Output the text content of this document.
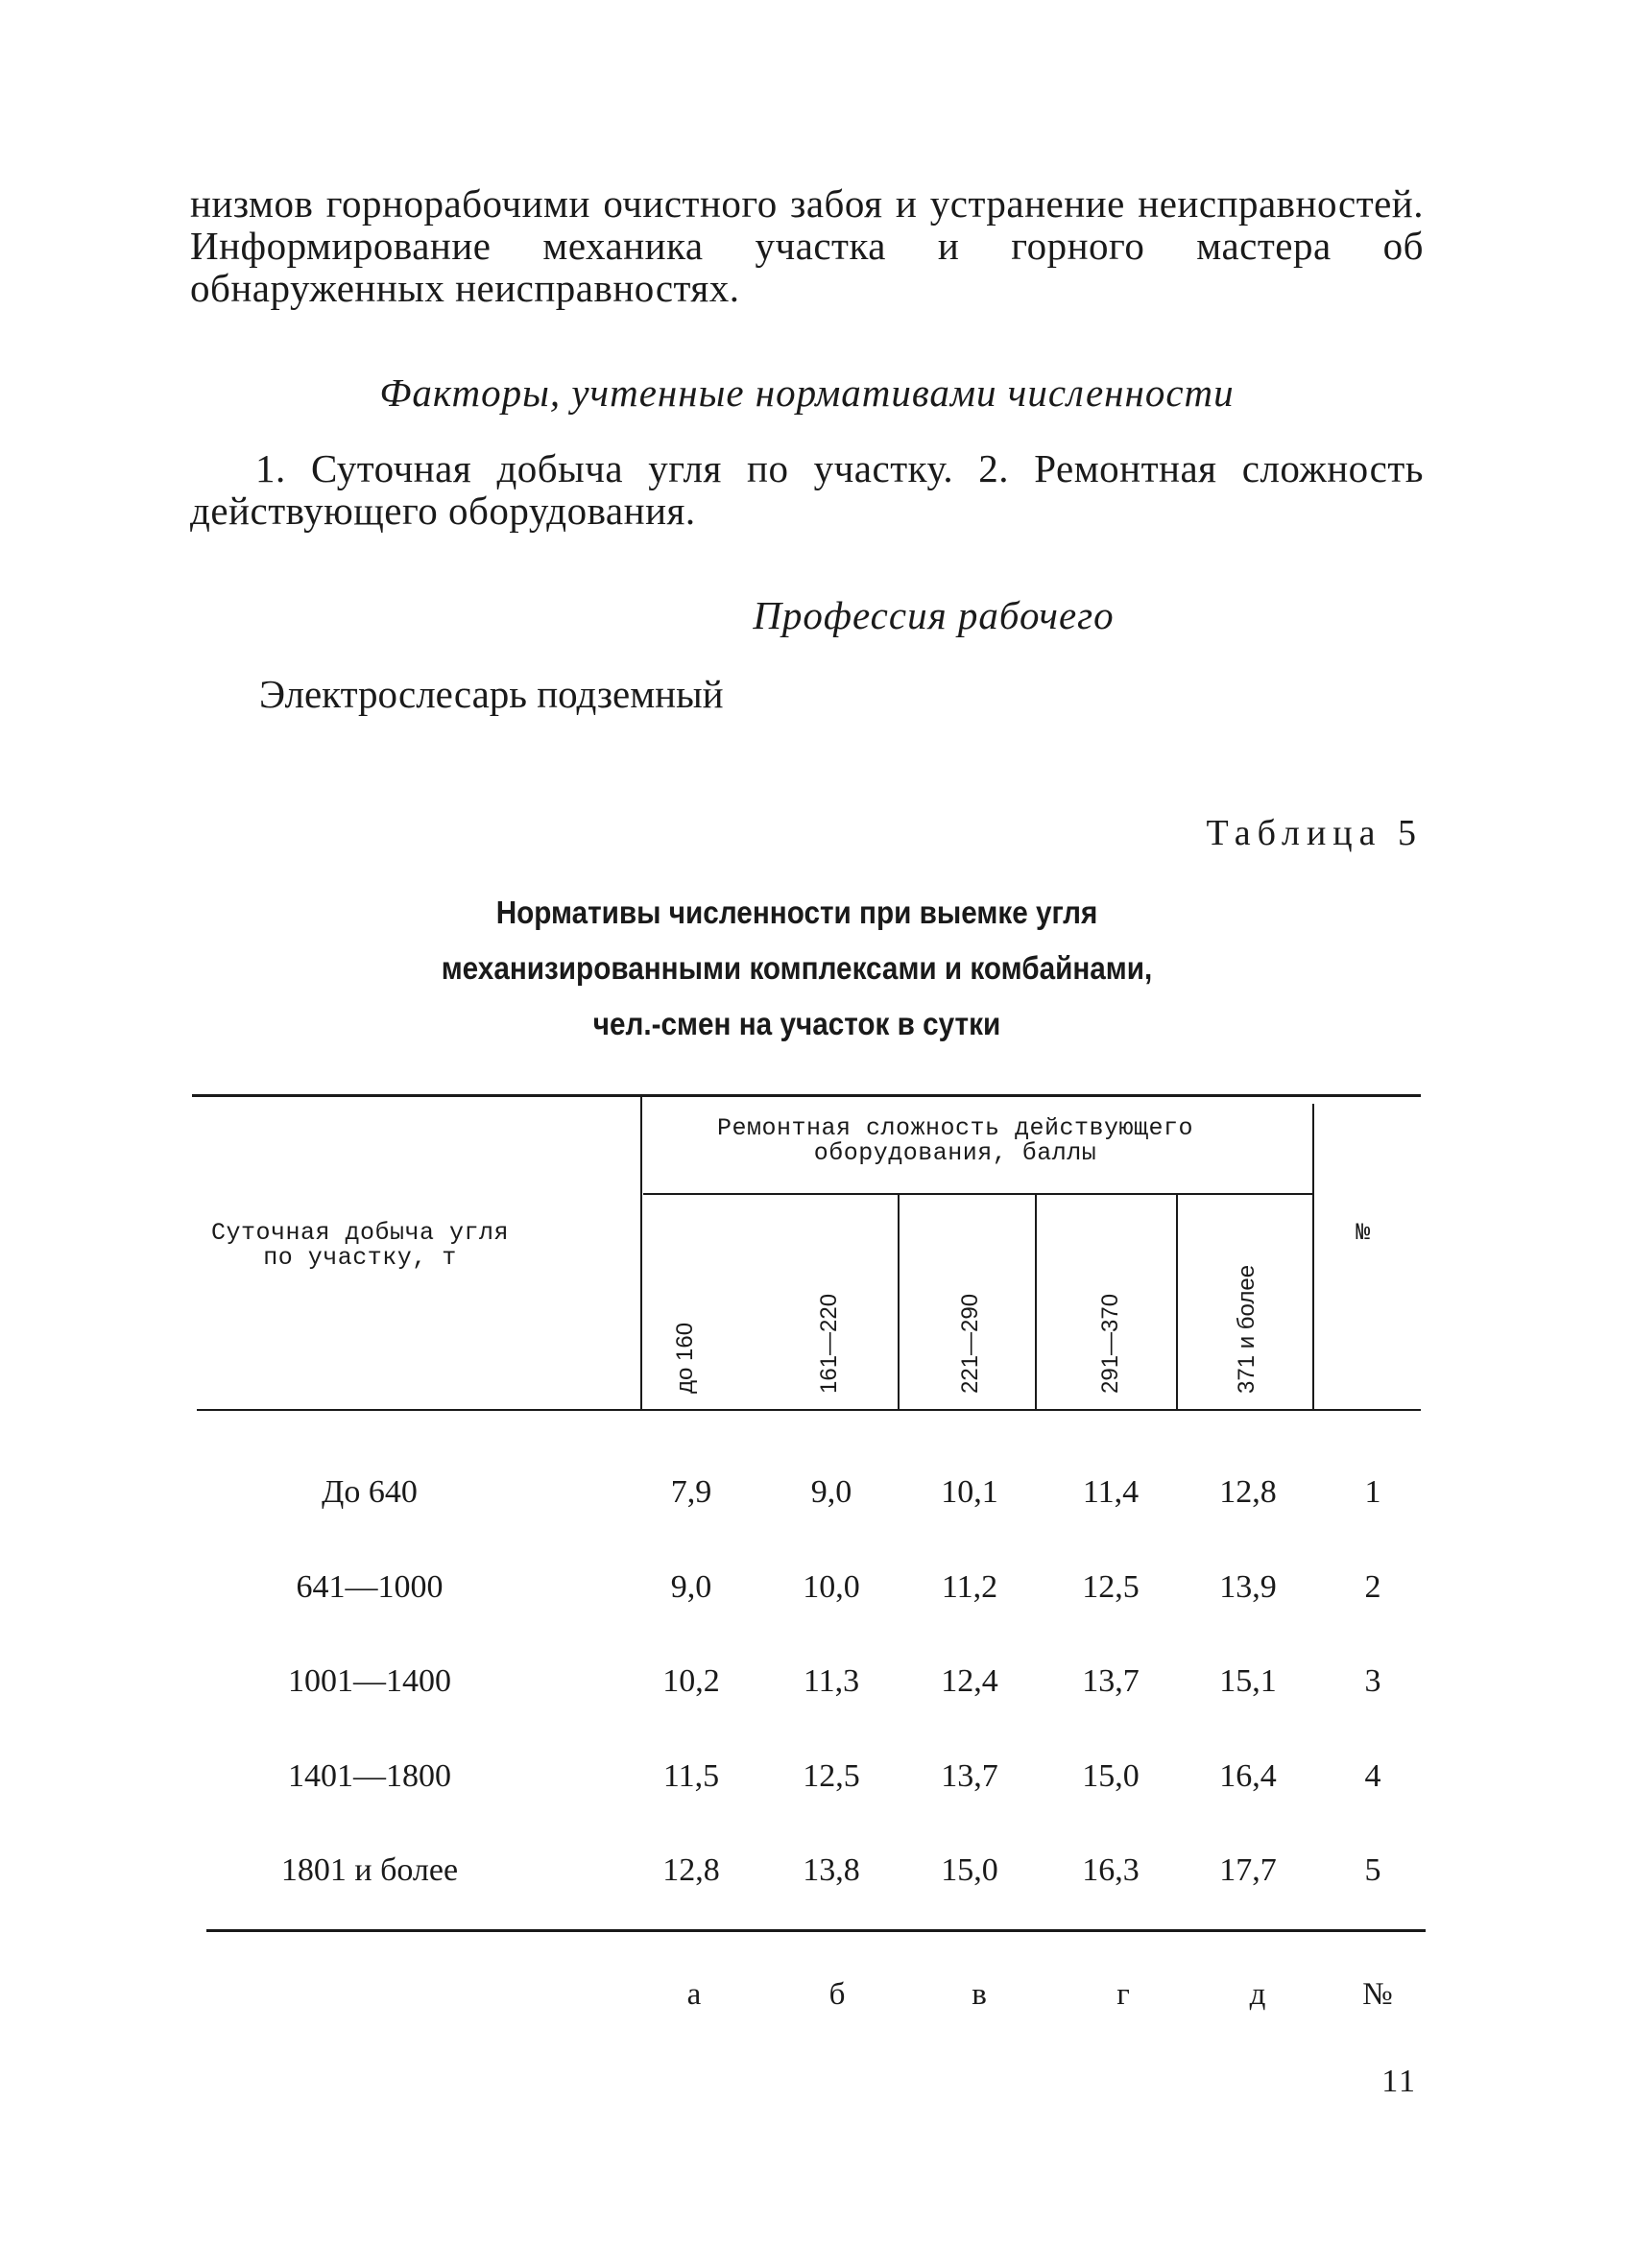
низмов горнорабочими очистного забоя и устранение неисправностей. Информирование механика участка и горного мастера об обнаруженных неисправностях.

Факторы, учтенные нормативами численности

1. Суточная добыча угля по участку. 2. Ремонтная сложность действующего оборудования.

Профессия рабочего

Электрослесарь подземный

Таблица 5

Нормативы численности при выемке угля
механизированными комплексами и комбайнами,
чел.-смен на участок в сутки
Суточная добыча угля по участку, т
Ремонтная сложность действующего оборудования, баллы
№
до 160	161—220	221—290	291—370	371 и более
До 640	7,9	9,0	10,1	11,4	12,8	1
641—1000	9,0	10,0	11,2	12,5	13,9	2
1001—1400	10,2	11,3	12,4	13,7	15,1	3
1401—1800	11,5	12,5	13,7	15,0	16,4	4
1801 и более	12,8	13,8	15,0	16,3	17,7	5
а	б	в	г	д	№
11
